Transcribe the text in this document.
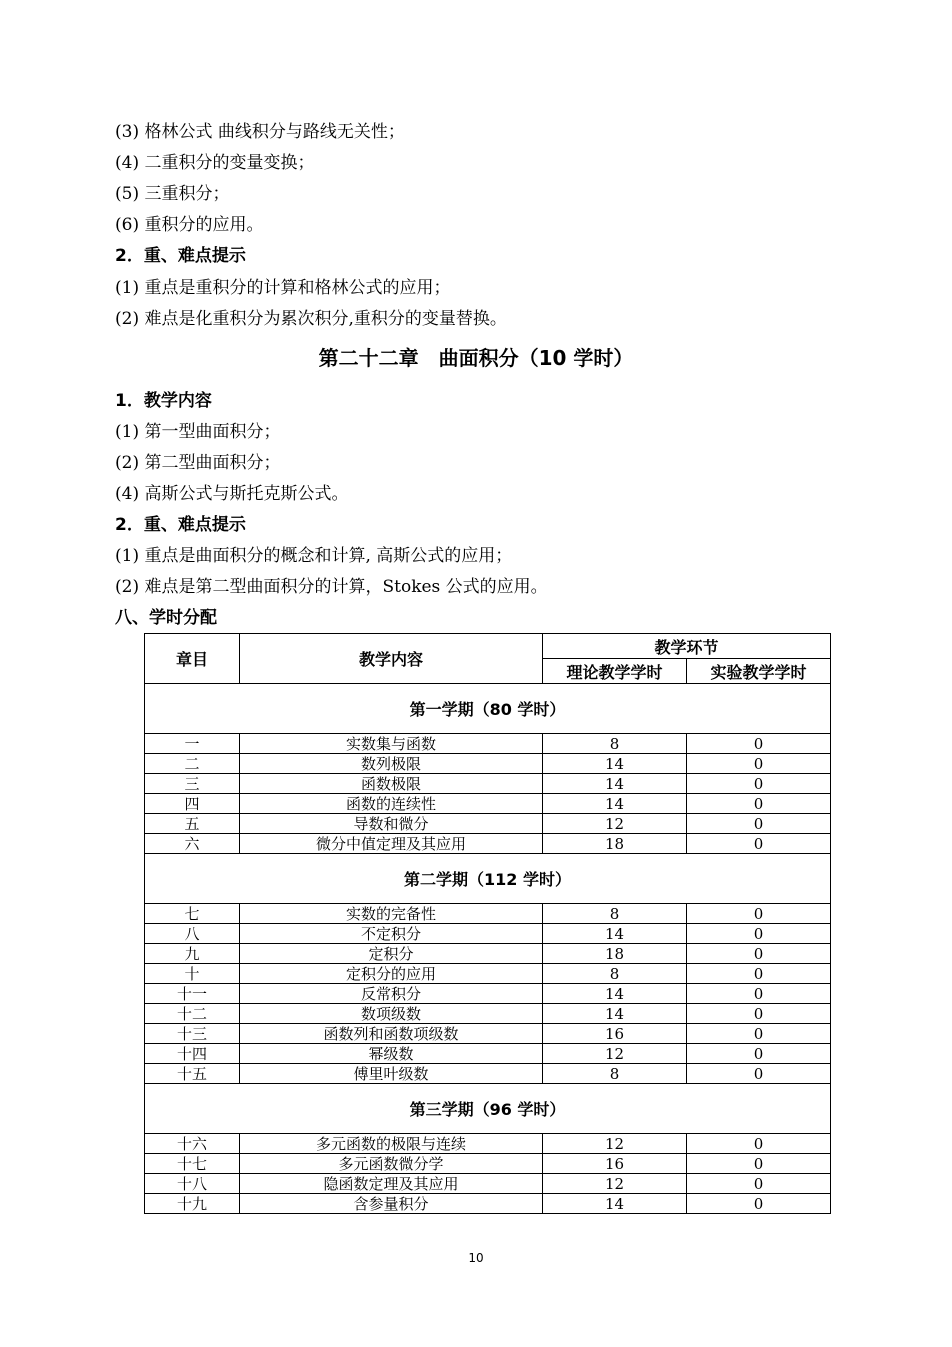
(3) 格林公式 曲线积分与路线无关性；
(4) 二重积分的变量变换；
(5) 三重积分；
(6) 重积分的应用。
2．重、难点提示
(1) 重点是重积分的计算和格林公式的应用；
(2) 难点是化重积分为累次积分,重积分的变量替换。
第二十二章　曲面积分（10 学时）
1．教学内容
(1) 第一型曲面积分；
(2) 第二型曲面积分；
(4) 高斯公式与斯托克斯公式。
2．重、难点提示
(1) 重点是曲面积分的概念和计算, 高斯公式的应用；
(2) 难点是第二型曲面积分的计算，Stokes 公式的应用。
八、学时分配
章目	教学内容	教学环节	
		理论教学学时	实验教学学时
第一学期（80 学时）			
一	实数集与函数	8	0
二	数列极限	14	0
三	函数极限	14	0
四	函数的连续性	14	0
五	导数和微分	12	0
六	微分中值定理及其应用	18	0
第二学期（112 学时）			
七	实数的完备性	8	0
八	不定积分	14	0
九	定积分	18	0
十	定积分的应用	8	0
十一	反常积分	14	0
十二	数项级数	14	0
十三	函数列和函数项级数	16	0
十四	幂级数	12	0
十五	傅里叶级数	8	0
第三学期（96 学时）			
十六	多元函数的极限与连续	12	0
十七	多元函数微分学	16	0
十八	隐函数定理及其应用	12	0
十九	含参量积分	14	0
10
